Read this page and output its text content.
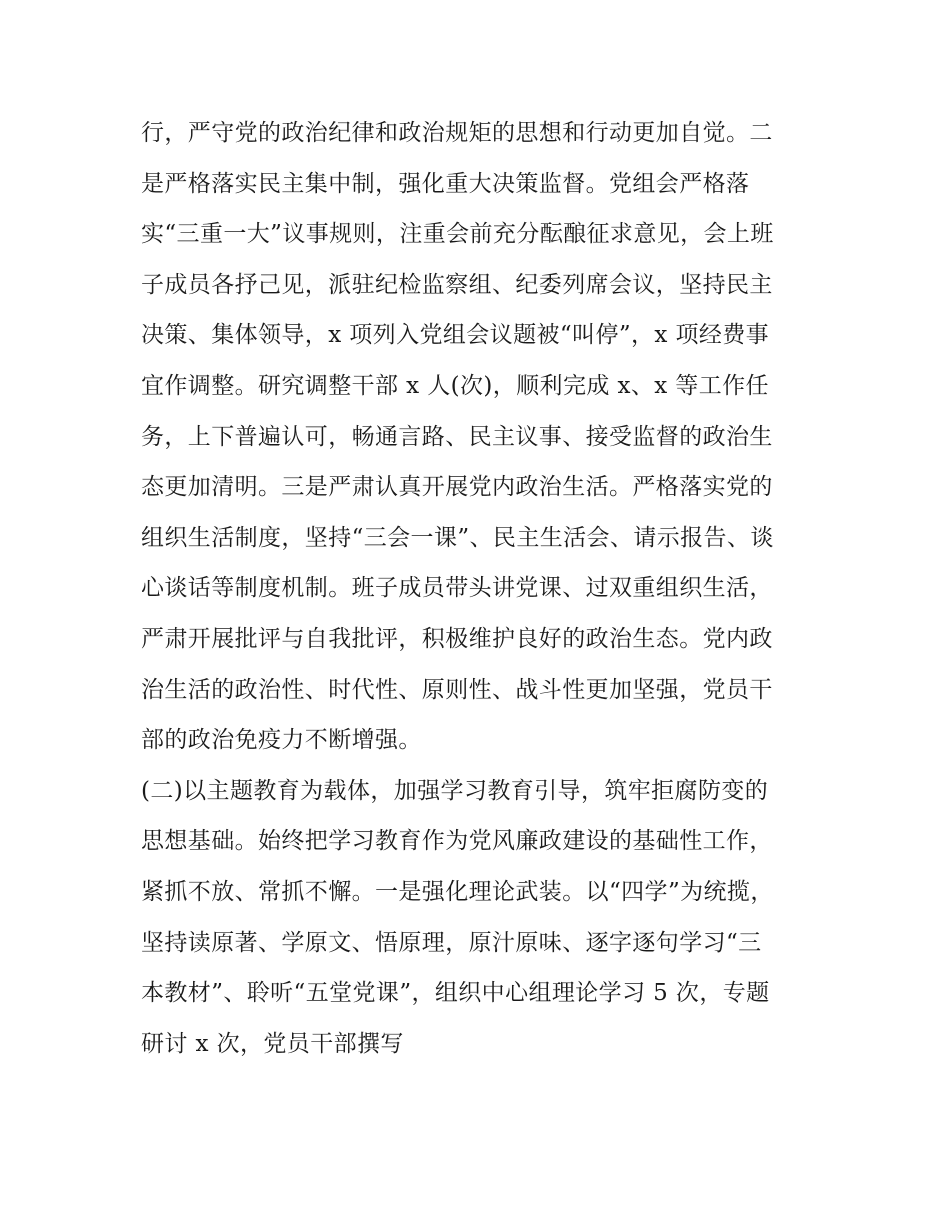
行，严守党的政治纪律和政治规矩的思想和行动更加自觉。二
是严格落实民主集中制，强化重大决策监督。党组会严格落
实“三重一大”议事规则，注重会前充分酝酿征求意见，会上班
子成员各抒己见，派驻纪检监察组、纪委列席会议，坚持民主
决策、集体领导，x 项列入党组会议题被“叫停”，x 项经费事
宜作调整。研究调整干部 x 人(次)，顺利完成 x、x 等工作任
务，上下普遍认可，畅通言路、民主议事、接受监督的政治生
态更加清明。三是严肃认真开展党内政治生活。严格落实党的
组织生活制度，坚持“三会一课”、民主生活会、请示报告、谈
心谈话等制度机制。班子成员带头讲党课、过双重组织生活，
严肃开展批评与自我批评，积极维护良好的政治生态。党内政
治生活的政治性、时代性、原则性、战斗性更加坚强，党员干
部的政治免疫力不断增强。
(二)以主题教育为载体，加强学习教育引导，筑牢拒腐防变的
思想基础。始终把学习教育作为党风廉政建设的基础性工作，
紧抓不放、常抓不懈。一是强化理论武装。以“四学”为统揽，
坚持读原著、学原文、悟原理，原汁原味、逐字逐句学习“三
本教材”、聆听“五堂党课”，组织中心组理论学习 5 次，专题
研讨 x 次，党员干部撰写
